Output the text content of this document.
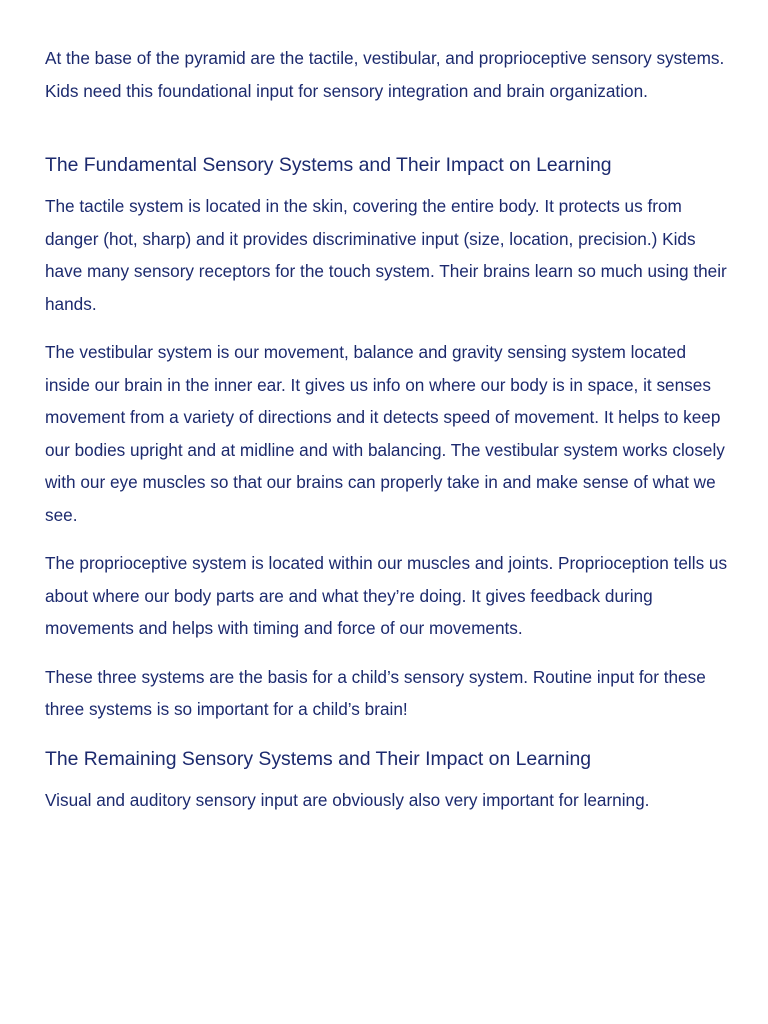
At the base of the pyramid are the tactile, vestibular, and proprioceptive sensory systems. Kids need this foundational input for sensory integration and brain organization.

The Fundamental Sensory Systems and Their Impact on Learning

The tactile system is located in the skin, covering the entire body. It protects us from danger (hot, sharp) and it provides discriminative input (size, location, precision.) Kids have many sensory receptors for the touch system. Their brains learn so much using their hands.

The vestibular system is our movement, balance and gravity sensing system located inside our brain in the inner ear. It gives us info on where our body is in space, it senses movement from a variety of directions and it detects speed of movement. It helps to keep our bodies upright and at midline and with balancing. The vestibular system works closely with our eye muscles so that our brains can properly take in and make sense of what we see.

The proprioceptive system is located within our muscles and joints. Proprioception tells us about where our body parts are and what they’re doing. It gives feedback during movements and helps with timing and force of our movements.

These three systems are the basis for a child’s sensory system. Routine input for these three systems is so important for a child’s brain!

The Remaining Sensory Systems and Their Impact on Learning

Visual and auditory sensory input are obviously also very important for learning.
